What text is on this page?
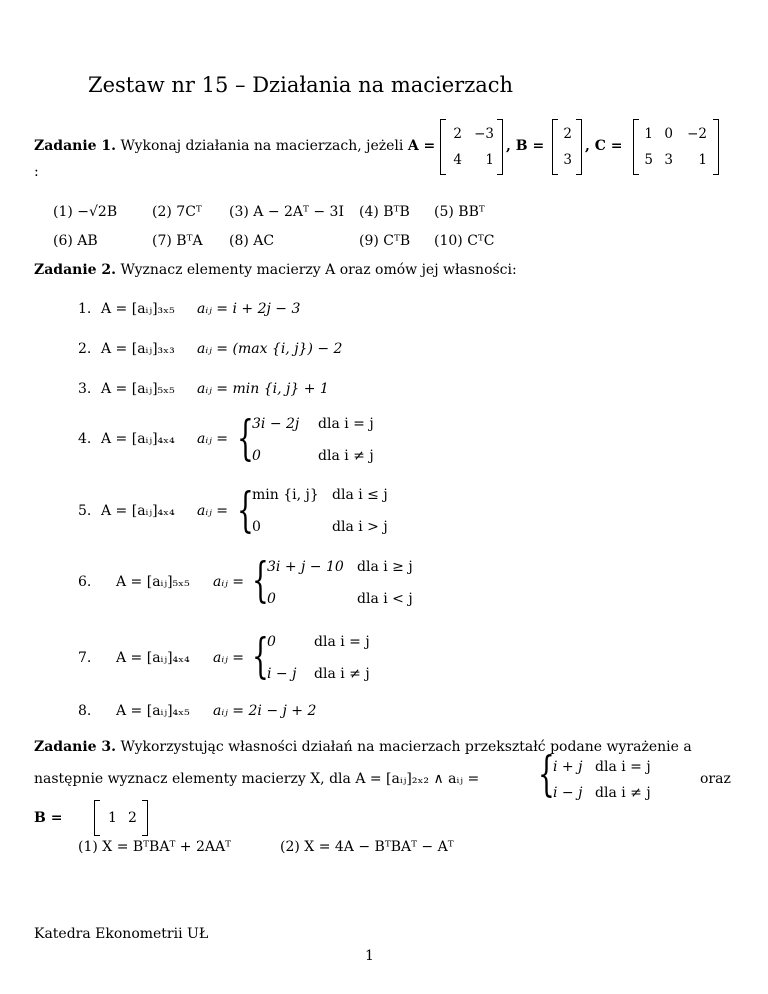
Zestaw nr 15 – Działania na macierzach
Zadanie 1. Wykonaj działania na macierzach, jeżeli A =
2 −3
4	1
, B =
2
3
, C =
1 0	−2
5 3	1
:
(1) −√2B (2) 7Cᵀ (3) A − 2Aᵀ − 3I (4) BᵀB (5) BBᵀ
(6) AB	(7) BᵀA (8) AC	(9) CᵀB (10) CᵀC
Zadanie 2. Wyznacz elementy macierzy A oraz omów jej własności:
1. A = [aᵢⱼ]₃ₓ₅ aᵢⱼ = i + 2j − 3
2. A = [aᵢⱼ]₃ₓ₃ aᵢⱼ = (max {i, j}) − 2
3. A = [aᵢⱼ]₅ₓ₅ aᵢⱼ = min {i, j} + 1
4. A = [aᵢⱼ]₄ₓ₄ aᵢⱼ = {
3i − 2j dla i = j
0	dla i ≠ j
5. A = [aᵢⱼ]₄ₓ₄ aᵢⱼ = {
min {i, j} dla i ≤ j
0	dla i > j
6. A = [aᵢⱼ]₅ₓ₅ aᵢⱼ = {
3i + j − 10 dla i ≥ j
0	dla i < j
7. A = [aᵢⱼ]₄ₓ₄ aᵢⱼ = {
0	dla i = j
i − j dla i ≠ j
8. A = [aᵢⱼ]₄ₓ₅ aᵢⱼ = 2i − j + 2
Zadanie 3. Wykorzystując własności działań na macierzach przekształć podane wyrażenie a
następnie wyznacz elementy macierzy X, dla A = [aᵢⱼ]₂ₓ₂ ∧ aᵢⱼ = {
i + j dla i = j
i − j dla i ≠ j
oraz
B =	1 2
(1) X = BᵀBAᵀ + 2AAᵀ	(2) X = 4A − BᵀBAᵀ − Aᵀ
Katedra Ekonometrii UŁ
1
